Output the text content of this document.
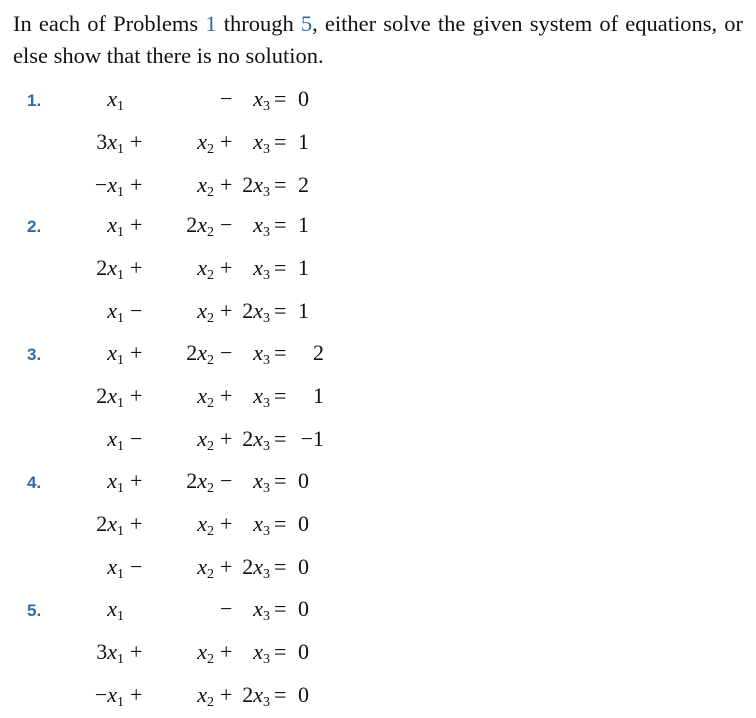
In each of Problems 1 through 5, either solve the given system of equations, or else show that there is no solution.
1.	$x_1$	− $x_3 = 0$
$3x_1 + x_2 + x_3 = 1$
$-x_1 + x_2 + 2x_3 = 2$
2.	$x_1 + 2x_2 - x_3 = 1$
$2x_1 + x_2 + x_3 = 1$
$x_1 - x_2 + 2x_3 = 1$
3.	$x_1 + 2x_2 - x_3 = 2$
$2x_1 + x_2 + x_3 = 1$
$x_1 - x_2 + 2x_3 = -1$
4.	$x_1 + 2x_2 - x_3 = 0$
$2x_1 + x_2 + x_3 = 0$
$x_1 - x_2 + 2x_3 = 0$
5.	$x_1$	− $x_3 = 0$
$3x_1 + x_2 + x_3 = 0$
$-x_1 + x_2 + 2x_3 = 0$
